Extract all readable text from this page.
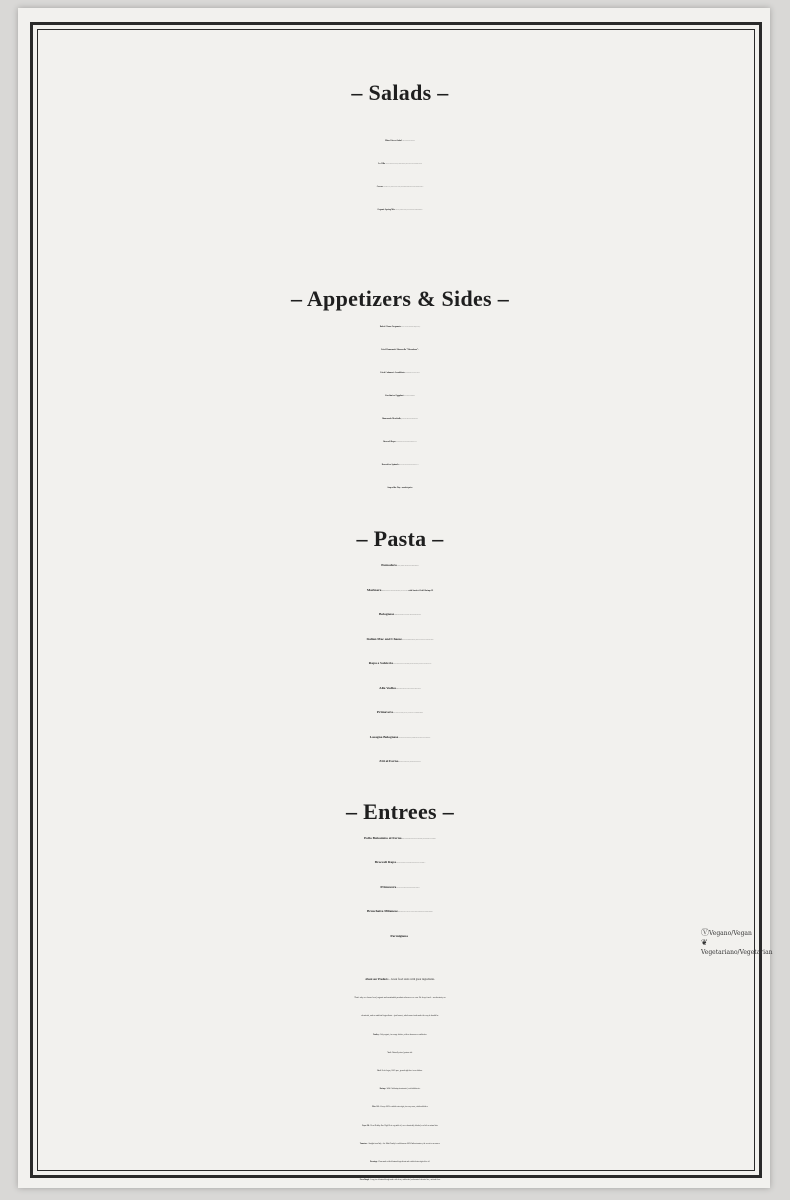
– Salads –

Mixed Green Salad

La Villa

Caesar

Organic Spring Mix

– Appetizers & Sides –

Baked Clams Oreganata

Fried Homemade Mozzarella “Mezzaluna”

Fried CalamariArrabbiata

Zucchini or Eggplant

Homemade Meatballs

Broccoli Rapa

Broccoli or Spinach

Soup ofthe Day - marketprice

– Pasta –

Pomodoro

Marinara	with Sautéed Gulf Shrimp 29

Bolognese

Italian Mac and Cheese

Rapa e Salsiccia

Alla Vodka

Primavera

Lasagna Bolognese

Ziti al Forno

– Entrees –

Pollo Balsamico al Forno

Broccoli Rapa

Primavera

Bruschetta Milanese

Parmigiana

About our Products – Great food starts with great ingredients.

That's why we choose local, organic and sustainable products whenever we can. We keep it real – no shortcuts, no

chemicals, and no artificial ingredients – just honest, wholesome food made the way it should be.

Poultry - Only organic, free-range chicken, with no hormones or antibiotics.

Veal - Naturally raised, pasture-fed.

Beef- Fresh Angus, 100% pure, ground right here in our kitchen.

Shrimp - Wild Gulfshrimp fromtrusted, certifiedfisheries.

Olive Oil - Always 100% certifiedextra virgin, forevery sauce, salad and dishes.

Fryer Oil - Heart Healthy Pure High Oleic vegetable oil, never chemically blended, seed oils or animal fats.

Tomatoes - Straight from Italy – the Mutti Family's world-famous 100% Italian tomatoes, the secret to our sauces.

Dressings - Homemade with all-natural ingredients and certifiedextra virgin olive oil.

Pizza Dough - Long rise all-natural dough made with clean, unbleached, unbromated chemical free, artisinal flour.

ⓋVegano/Vegan
❦Vegetariano/Vegetarian
